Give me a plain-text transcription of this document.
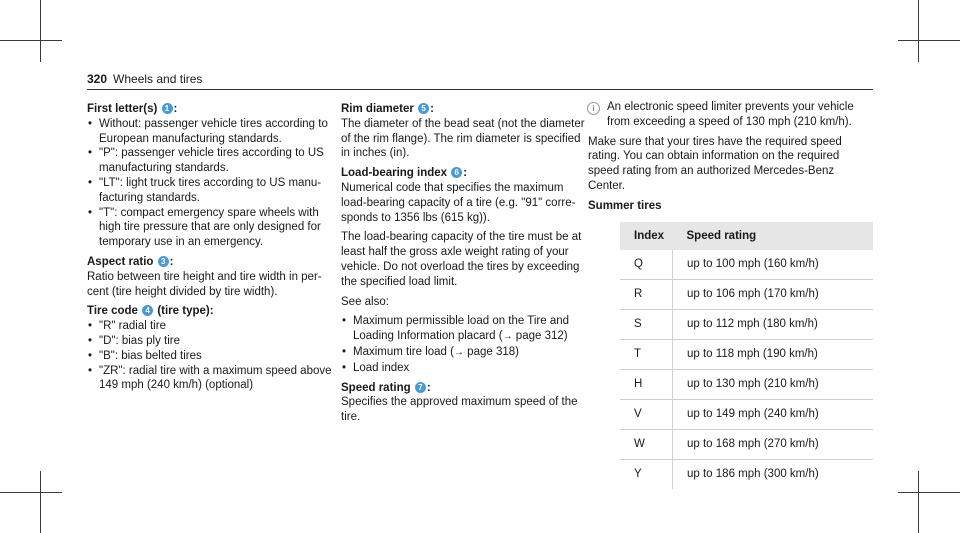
320 Wheels and tires
First letter(s) 1 :
• Without: passenger vehicle tires according to European manufacturing standards.
• "P": passenger vehicle tires according to US manufacturing standards.
• "LT": light truck tires according to US manu-facturing standards.
• "T": compact emergency spare wheels with high tire pressure that are only designed for temporary use in an emergency.
Aspect ratio 3 :

Ratio between tire height and tire width in per-cent (tire height divided by tire width).

Tire code 4 (tire type):
• "R" radial tire
• "D": bias ply tire
• "B": bias belted tires
• "ZR": radial tire with a maximum speed above 149 mph (240 km/h) (optional)
Rim diameter 5 :

The diameter of the bead seat (not the diameter of the rim flange). The rim diameter is specified in inches (in).

Load-bearing index 6 :

Numerical code that specifies the maximum load-bearing capacity of a tire (e.g. "91" corre-sponds to 1356 lbs (615 kg)).

The load-bearing capacity of the tire must be at least half the gross axle weight rating of your vehicle. Do not overload the tires by exceeding the specified load limit.

See also:

• Maximum permissible load on the Tire and Loading Information placard (→ page 312)
• Maximum tire load (→ page 318)
• Load index
Speed rating 7 :

Specifies the approved maximum speed of the tire.

i	An electronic speed limiter prevents your vehicle from exceeding a speed of 130 mph (210 km/h).

Make sure that your tires have the required speed rating. You can obtain information on the required speed rating from an authorized Mercedes-Benz Center.

Summer tires
Index	Speed rating
Q	up to 100 mph (160 km/h)
R	up to 106 mph (170 km/h)
S	up to 112 mph (180 km/h)
T	up to 118 mph (190 km/h)
H	up to 130 mph (210 km/h)
V	up to 149 mph (240 km/h)
W	up to 168 mph (270 km/h)
Y	up to 186 mph (300 km/h)
